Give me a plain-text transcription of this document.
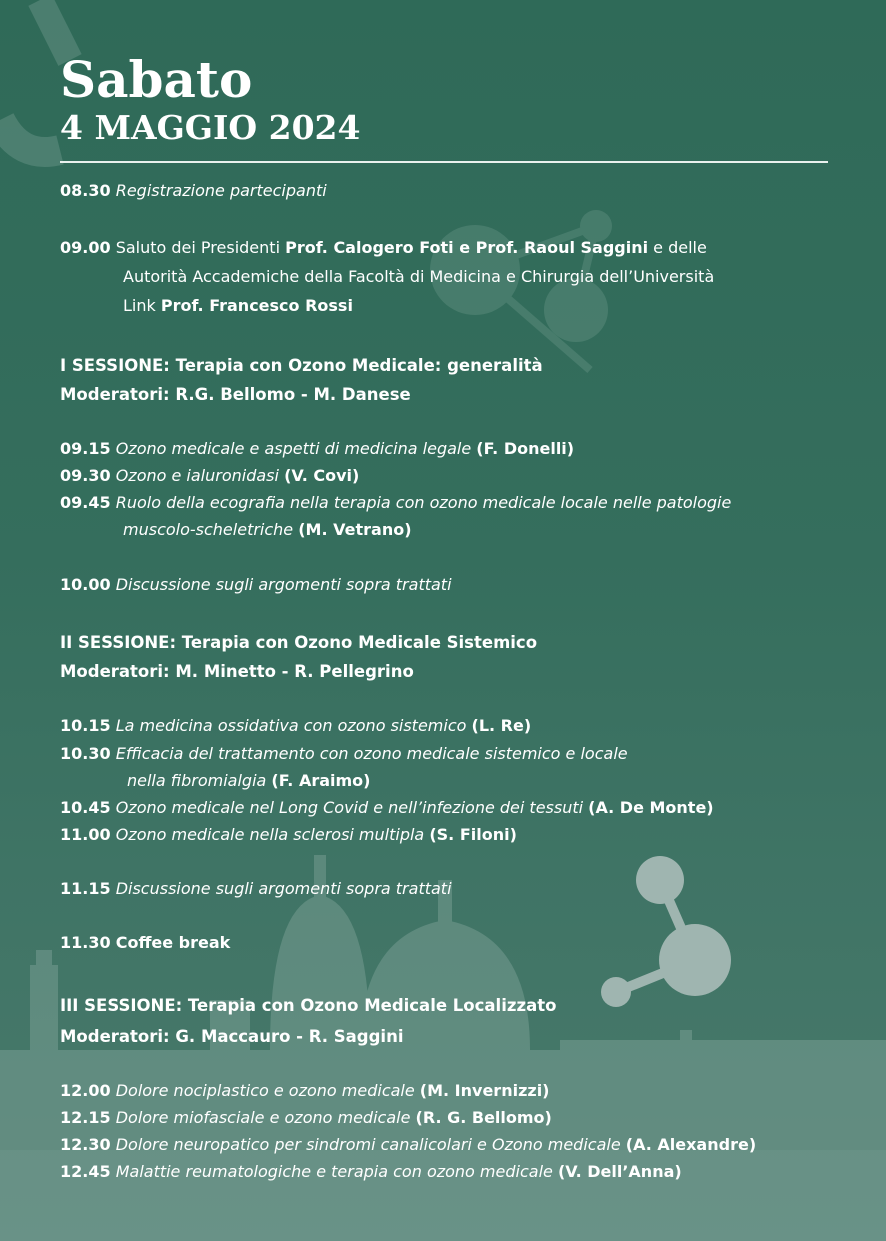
Sabato
4 MAGGIO 2024
08.30 Registrazione partecipanti
09.00 Saluto dei Presidenti Prof. Calogero Foti e Prof. Raoul Saggini e delle
Autorità Accademiche della Facoltà di Medicina e Chirurgia dell’Università
Link Prof. Francesco Rossi
I SESSIONE: Terapia con Ozono Medicale: generalità
Moderatori: R.G. Bellomo - M. Danese
09.15 Ozono medicale e aspetti di medicina legale (F. Donelli)
09.30 Ozono e ialuronidasi (V. Covi)
09.45 Ruolo della ecografia nella terapia con ozono medicale locale nelle patologie
muscolo-scheletriche (M. Vetrano)
10.00 Discussione sugli argomenti sopra trattati
II SESSIONE: Terapia con Ozono Medicale Sistemico
Moderatori: M. Minetto - R. Pellegrino
10.15 La medicina ossidativa con ozono sistemico (L. Re)
10.30 Efficacia del trattamento con ozono medicale sistemico e locale
nella fibromialgia (F. Araimo)
10.45 Ozono medicale nel Long Covid e nell’infezione dei tessuti (A. De Monte)
11.00 Ozono medicale nella sclerosi multipla (S. Filoni)
11.15 Discussione sugli argomenti sopra trattati
11.30 Coffee break
III SESSIONE: Terapia con Ozono Medicale Localizzato
Moderatori: G. Maccauro - R. Saggini
12.00 Dolore nociplastico e ozono medicale (M. Invernizzi)
12.15 Dolore miofasciale e ozono medicale (R. G. Bellomo)
12.30 Dolore neuropatico per sindromi canalicolari e Ozono medicale (A. Alexandre)
12.45 Malattie reumatologiche e terapia con ozono medicale (V. Dell’Anna)
